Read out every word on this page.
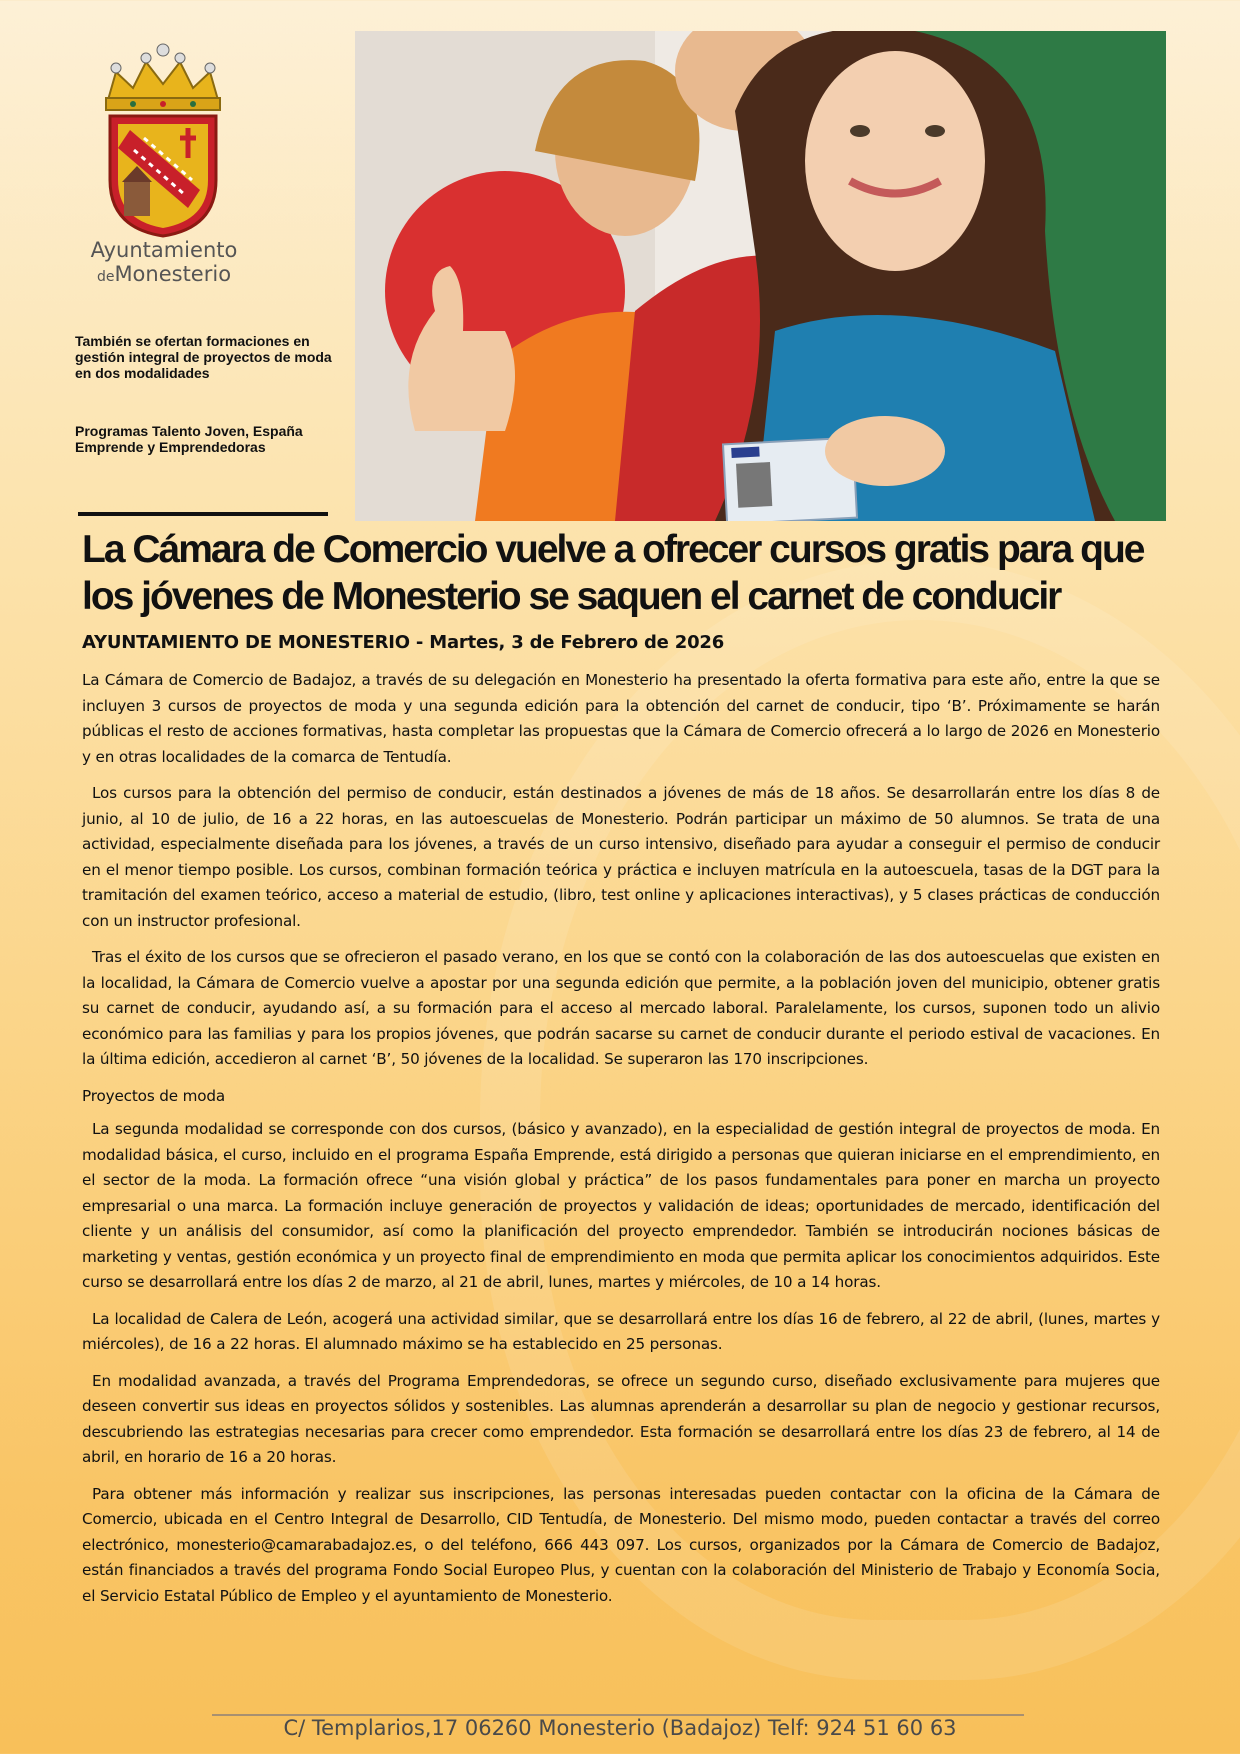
Ayuntamiento
deMonesterio
También se ofertan formaciones en gestión integral de proyectos de moda en dos modalidades
Programas Talento Joven, España Emprende y Emprendedoras
La Cámara de Comercio vuelve a ofrecer cursos gratis para que los jóvenes de Monesterio se saquen el carnet de conducir

AYUNTAMIENTO DE MONESTERIO - Martes, 3 de Febrero de 2026

La Cámara de Comercio de Badajoz, a través de su delegación en Monesterio ha presentado la oferta formativa para este año, entre la que se incluyen 3 cursos de proyectos de moda y una segunda edición para la obtención del carnet de conducir, tipo ‘B’. Próximamente se harán públicas el resto de acciones formativas, hasta completar las propuestas que la Cámara de Comercio ofrecerá a lo largo de 2026 en Monesterio y en otras localidades de la comarca de Tentudía.

Los cursos para la obtención del permiso de conducir, están destinados a jóvenes de más de 18 años. Se desarrollarán entre los días 8 de junio, al 10 de julio, de 16 a 22 horas, en las autoescuelas de Monesterio. Podrán participar un máximo de 50 alumnos. Se trata de una actividad, especialmente diseñada para los jóvenes, a través de un curso intensivo, diseñado para ayudar a conseguir el permiso de conducir en el menor tiempo posible. Los cursos, combinan formación teórica y práctica e incluyen matrícula en la autoescuela, tasas de la DGT para la tramitación del examen teórico, acceso a material de estudio, (libro, test online y aplicaciones interactivas), y 5 clases prácticas de conducción con un instructor profesional.

Tras el éxito de los cursos que se ofrecieron el pasado verano, en los que se contó con la colaboración de las dos autoescuelas que existen en la localidad, la Cámara de Comercio vuelve a apostar por una segunda edición que permite, a la población joven del municipio, obtener gratis su carnet de conducir, ayudando así, a su formación para el acceso al mercado laboral. Paralelamente, los cursos, suponen todo un alivio económico para las familias y para los propios jóvenes, que podrán sacarse su carnet de conducir durante el periodo estival de vacaciones. En la última edición, accedieron al carnet ‘B’, 50 jóvenes de la localidad. Se superaron las 170 inscripciones.

Proyectos de moda

La segunda modalidad se corresponde con dos cursos, (básico y avanzado), en la especialidad de gestión integral de proyectos de moda. En modalidad básica, el curso, incluido en el programa España Emprende, está dirigido a personas que quieran iniciarse en el emprendimiento, en el sector de la moda. La formación ofrece “una visión global y práctica” de los pasos fundamentales para poner en marcha un proyecto empresarial o una marca. La formación incluye generación de proyectos y validación de ideas; oportunidades de mercado, identificación del cliente y un análisis del consumidor, así como la planificación del proyecto emprendedor. También se introducirán nociones básicas de marketing y ventas, gestión económica y un proyecto final de emprendimiento en moda que permita aplicar los conocimientos adquiridos. Este curso se desarrollará entre los días 2 de marzo, al 21 de abril, lunes, martes y miércoles, de 10 a 14 horas.

La localidad de Calera de León, acogerá una actividad similar, que se desarrollará entre los días 16 de febrero, al 22 de abril, (lunes, martes y miércoles), de 16 a 22 horas. El alumnado máximo se ha establecido en 25 personas.

En modalidad avanzada, a través del Programa Emprendedoras, se ofrece un segundo curso, diseñado exclusivamente para mujeres que deseen convertir sus ideas en proyectos sólidos y sostenibles. Las alumnas aprenderán a desarrollar su plan de negocio y gestionar recursos, descubriendo las estrategias necesarias para crecer como emprendedor. Esta formación se desarrollará entre los días 23 de febrero, al 14 de abril, en horario de 16 a 20 horas.

Para obtener más información y realizar sus inscripciones, las personas interesadas pueden contactar con la oficina de la Cámara de Comercio, ubicada en el Centro Integral de Desarrollo, CID Tentudía, de Monesterio. Del mismo modo, pueden contactar a través del correo electrónico, monesterio@camarabadajoz.es, o del teléfono, 666 443 097. Los cursos, organizados por la Cámara de Comercio de Badajoz, están financiados a través del programa Fondo Social Europeo Plus, y cuentan con la colaboración del Ministerio de Trabajo y Economía Socia, el Servicio Estatal Público de Empleo y el ayuntamiento de Monesterio.

C/ Templarios,17 06260 Monesterio (Badajoz) Telf: 924 51 60 63
